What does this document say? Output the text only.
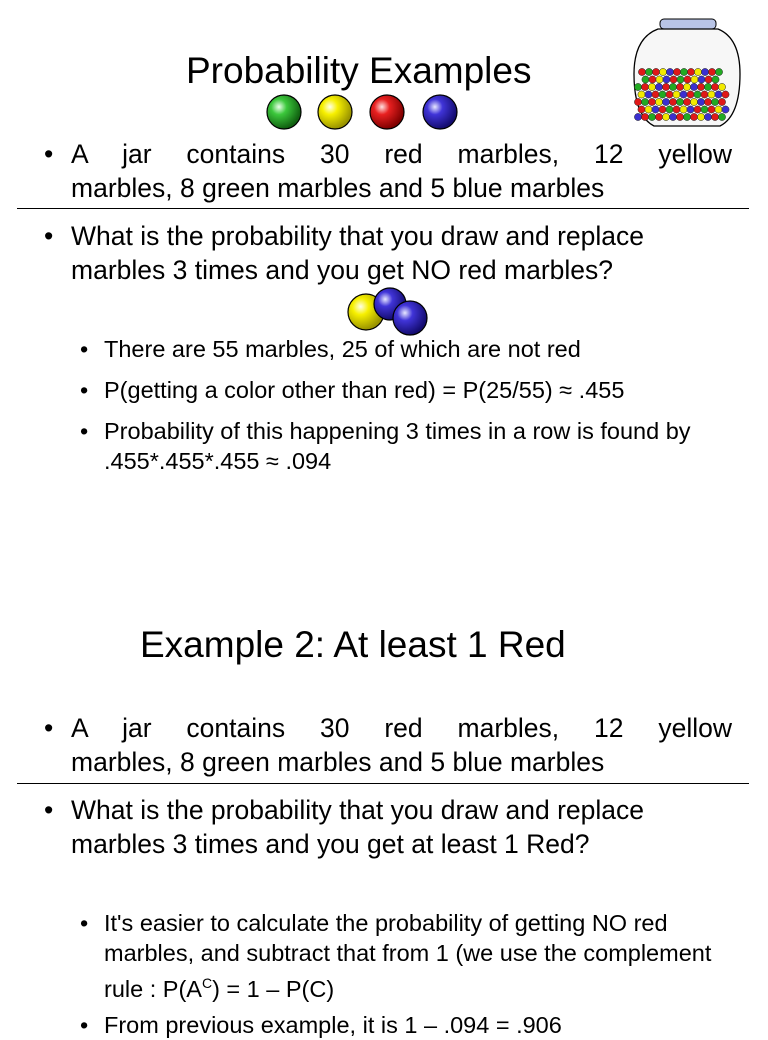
Probability Examples
• A jar contains 30 red marbles, 12 yellow
marbles, 8 green marbles and 5 blue marbles
• What is the probability that you draw and replace marbles 3 times and you get NO red marbles?
• There are 55 marbles, 25 of which are not red
• P(getting a color other than red) = P(25/55) ≈ .455
• Probability of this happening 3 times in a row is found by .455*.455*.455 ≈ .094
Example 2: At least 1 Red
• A jar contains 30 red marbles, 12 yellow
marbles, 8 green marbles and 5 blue marbles
• What is the probability that you draw and replace marbles 3 times and you get at least 1 Red?
• It's easier to calculate the probability of getting NO red marbles, and subtract that from 1 (we use the complement rule : $P(A^C) = 1 - P(C)$
• From previous example, it is 1 – .094 = .906
